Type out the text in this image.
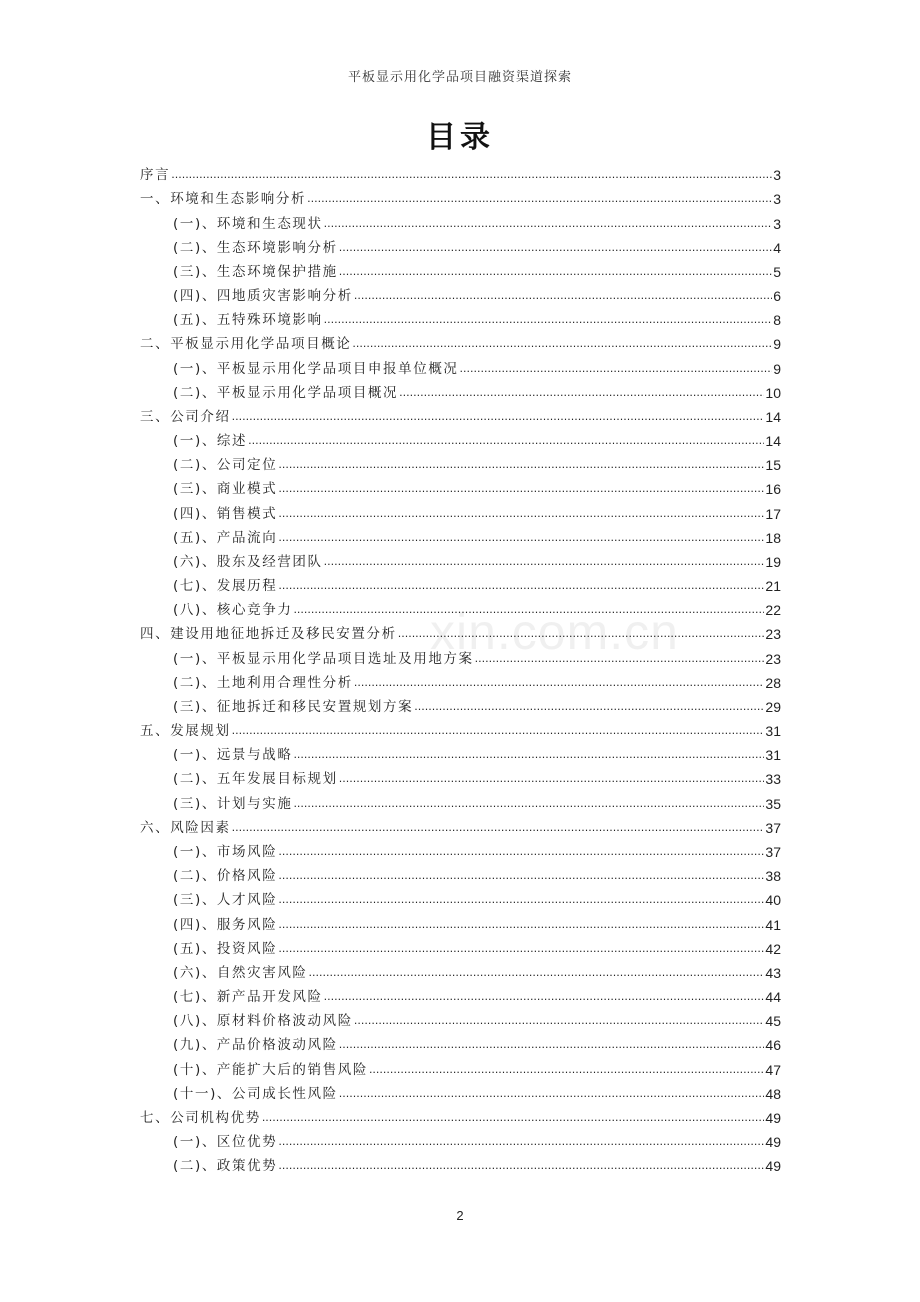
平板显示用化学品项目融资渠道探索
目录
xin.com.cn
序言 .....	3
一、环境和生态影响分析 .....	3
(一)、环境和生态现状 .....	3
(二)、生态环境影响分析 .....	4
(三)、生态环境保护措施 .....	5
(四)、四地质灾害影响分析 .....	6
(五)、五特殊环境影响 .....	8
二、平板显示用化学品项目概论 .....	9
(一)、平板显示用化学品项目申报单位概况 .....	9
(二)、平板显示用化学品项目概况 .....	10
三、公司介绍 .....	14
(一)、综述 .....	14
(二)、公司定位 .....	15
(三)、商业模式 .....	16
(四)、销售模式 .....	17
(五)、产品流向 .....	18
(六)、股东及经营团队 .....	19
(七)、发展历程 .....	21
(八)、核心竞争力 .....	22
四、建设用地征地拆迁及移民安置分析 .....	23
(一)、平板显示用化学品项目选址及用地方案 .....	23
(二)、土地利用合理性分析 .....	28
(三)、征地拆迁和移民安置规划方案 .....	29
五、发展规划 .....	31
(一)、远景与战略 .....	31
(二)、五年发展目标规划 .....	33
(三)、计划与实施 .....	35
六、风险因素 .....	37
(一)、市场风险 .....	37
(二)、价格风险 .....	38
(三)、人才风险 .....	40
(四)、服务风险 .....	41
(五)、投资风险 .....	42
(六)、自然灾害风险 .....	43
(七)、新产品开发风险 .....	44
(八)、原材料价格波动风险 .....	45
(九)、产品价格波动风险 .....	46
(十)、产能扩大后的销售风险 .....	47
(十一)、公司成长性风险 .....	48
七、公司机构优势 .....	49
(一)、区位优势 .....	49
(二)、政策优势 .....	49
2
